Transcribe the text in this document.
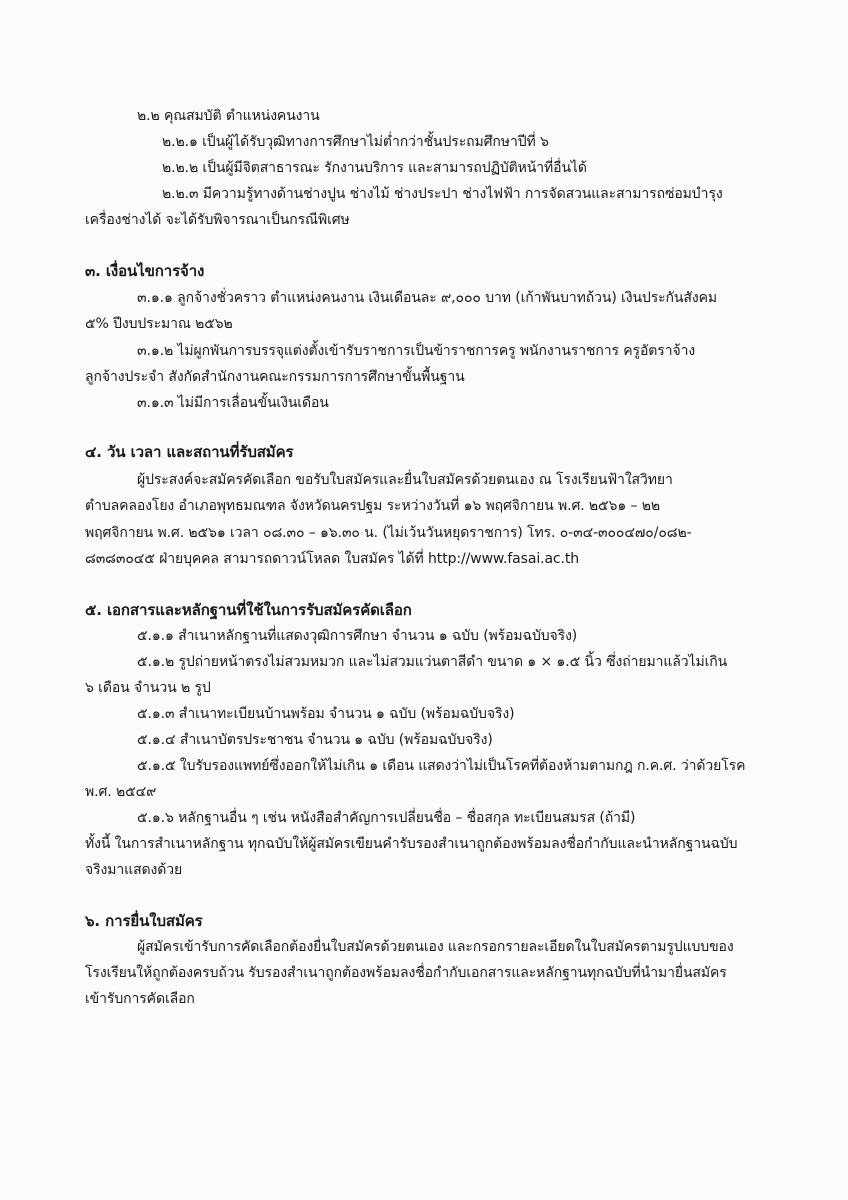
๒.๒ คุณสมบัติ ตำแหน่งคนงาน
๒.๒.๑ เป็นผู้ได้รับวุฒิทางการศึกษาไม่ต่ำกว่าชั้นประถมศึกษาปีที่ ๖
๒.๒.๒ เป็นผู้มีจิตสาธารณะ รักงานบริการ และสามารถปฏิบัติหน้าที่อื่นได้
๒.๒.๓ มีความรู้ทางด้านช่างปูน ช่างไม้ ช่างประปา ช่างไฟฟ้า การจัดสวนและสามารถซ่อมบำรุง
เครื่องช่างได้ จะได้รับพิจารณาเป็นกรณีพิเศษ
๓. เงื่อนไขการจ้าง
๓.๑.๑ ลูกจ้างชั่วคราว ตำแหน่งคนงาน เงินเดือนละ ๙,๐๐๐ บาท (เก้าพันบาทถ้วน) เงินประกันสังคม
๕% ปีงบประมาณ ๒๕๖๒
๓.๑.๒ ไม่ผูกพันการบรรจุแต่งตั้งเข้ารับราชการเป็นข้าราชการครู พนักงานราชการ ครูอัตราจ้าง
ลูกจ้างประจำ สังกัดสำนักงานคณะกรรมการการศึกษาขั้นพื้นฐาน
๓.๑.๓ ไม่มีการเลื่อนขั้นเงินเดือน
๔. วัน เวลา และสถานที่รับสมัคร
ผู้ประสงค์จะสมัครคัดเลือก ขอรับใบสมัครและยื่นใบสมัครด้วยตนเอง ณ โรงเรียนฟ้าใสวิทยา
ตำบลคลองโยง อำเภอพุทธมณฑล จังหวัดนครปฐม ระหว่างวันที่ ๑๖ พฤศจิกายน พ.ศ. ๒๕๖๑ – ๒๒
พฤศจิกายน พ.ศ. ๒๕๖๑ เวลา ๐๘.๓๐ – ๑๖.๓๐ น. (ไม่เว้นวันหยุดราชการ) โทร. ๐-๓๔-๓๐๐๔๗๐/๐๘๒-
๘๓๘๓๐๔๕ ฝ่ายบุคคล สามารถดาวน์โหลด ใบสมัคร ได้ที่ http://www.fasai.ac.th
๕. เอกสารและหลักฐานที่ใช้ในการรับสมัครคัดเลือก
๕.๑.๑ สำเนาหลักฐานที่แสดงวุฒิการศึกษา จำนวน ๑ ฉบับ (พร้อมฉบับจริง)
๕.๑.๒ รูปถ่ายหน้าตรงไม่สวมหมวก และไม่สวมแว่นตาสีดำ ขนาด ๑ × ๑.๕ นิ้ว ซึ่งถ่ายมาแล้วไม่เกิน
๖ เดือน จำนวน ๒ รูป
๕.๑.๓ สำเนาทะเบียนบ้านพร้อม จำนวน ๑ ฉบับ (พร้อมฉบับจริง)
๕.๑.๔ สำเนาบัตรประชาชน จำนวน ๑ ฉบับ (พร้อมฉบับจริง)
๕.๑.๕ ใบรับรองแพทย์ซึ่งออกให้ไม่เกิน ๑ เดือน แสดงว่าไม่เป็นโรคที่ต้องห้ามตามกฎ ก.ค.ศ. ว่าด้วยโรค
พ.ศ. ๒๕๔๙
๕.๑.๖ หลักฐานอื่น ๆ เช่น หนังสือสำคัญการเปลี่ยนชื่อ – ชื่อสกุล ทะเบียนสมรส (ถ้ามี)
ทั้งนี้ ในการสำเนาหลักฐาน ทุกฉบับให้ผู้สมัครเขียนคำรับรองสำเนาถูกต้องพร้อมลงชื่อกำกับและนำหลักฐานฉบับ
จริงมาแสดงด้วย
๖. การยื่นใบสมัคร
ผู้สมัครเข้ารับการคัดเลือกต้องยื่นใบสมัครด้วยตนเอง และกรอกรายละเอียดในใบสมัครตามรูปแบบของ
โรงเรียนให้ถูกต้องครบถ้วน รับรองสำเนาถูกต้องพร้อมลงชื่อกำกับเอกสารและหลักฐานทุกฉบับที่นำมายื่นสมัคร
เข้ารับการคัดเลือก
